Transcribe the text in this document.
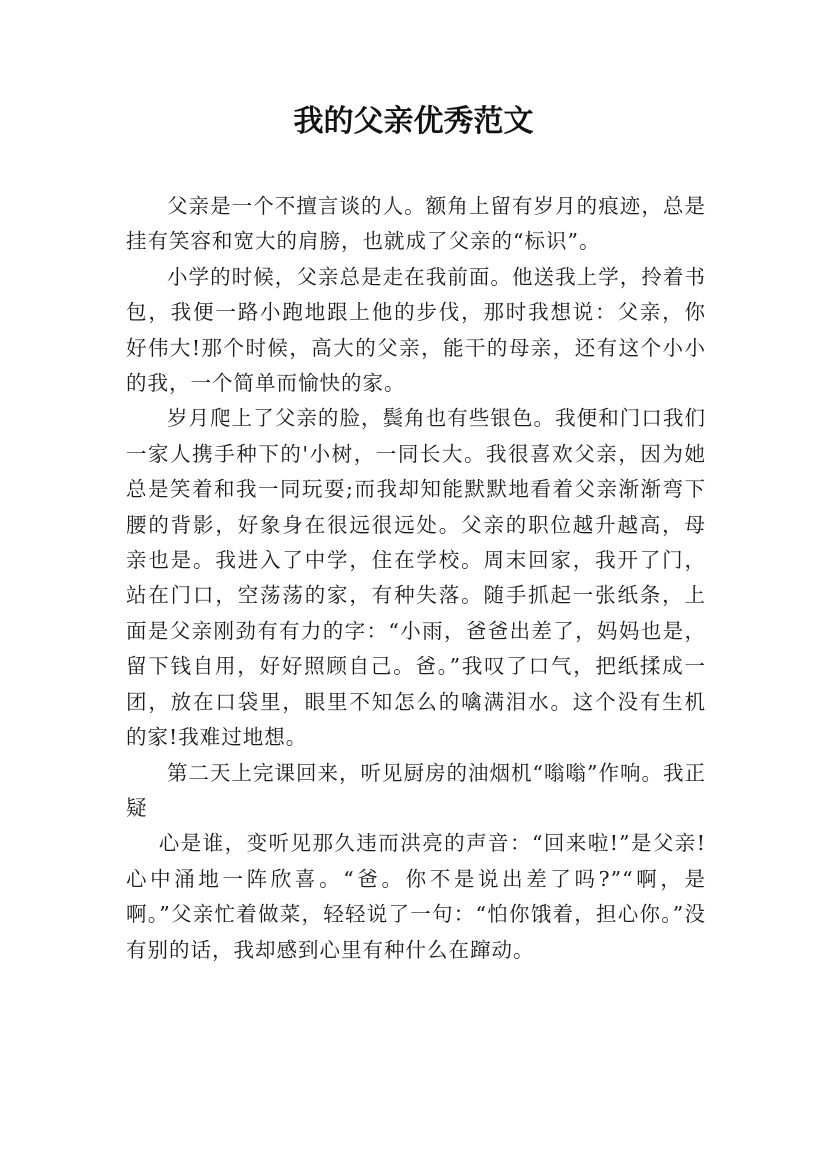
我的父亲优秀范文

父亲是一个不擅言谈的人。额角上留有岁月的痕迹，总是挂有笑容和宽大的肩膀，也就成了父亲的“标识”。

小学的时候，父亲总是走在我前面。他送我上学，拎着书包，我便一路小跑地跟上他的步伐，那时我想说：父亲，你好伟大!那个时候，高大的父亲，能干的母亲，还有这个小小的我，一个简单而愉快的家。

岁月爬上了父亲的脸，鬓角也有些银色。我便和门口我们一家人携手种下的'小树，一同长大。我很喜欢父亲，因为她总是笑着和我一同玩耍;而我却知能默默地看着父亲渐渐弯下腰的背影，好象身在很远很远处。父亲的职位越升越高，母亲也是。我进入了中学，住在学校。周末回家，我开了门，站在门口，空荡荡的家，有种失落。随手抓起一张纸条，上面是父亲刚劲有有力的字：“小雨，爸爸出差了，妈妈也是，留下钱自用，好好照顾自己。爸。”我叹了口气，把纸揉成一团，放在口袋里，眼里不知怎么的噙满泪水。这个没有生机的家!我难过地想。

第二天上完课回来，听见厨房的油烟机“嗡嗡”作响。我正疑

心是谁，变听见那久违而洪亮的声音：“回来啦!”是父亲!心中涌地一阵欣喜。“爸。你不是说出差了吗?”“啊，是啊。”父亲忙着做菜，轻轻说了一句：“怕你饿着，担心你。”没有别的话，我却感到心里有种什么在蹿动。
